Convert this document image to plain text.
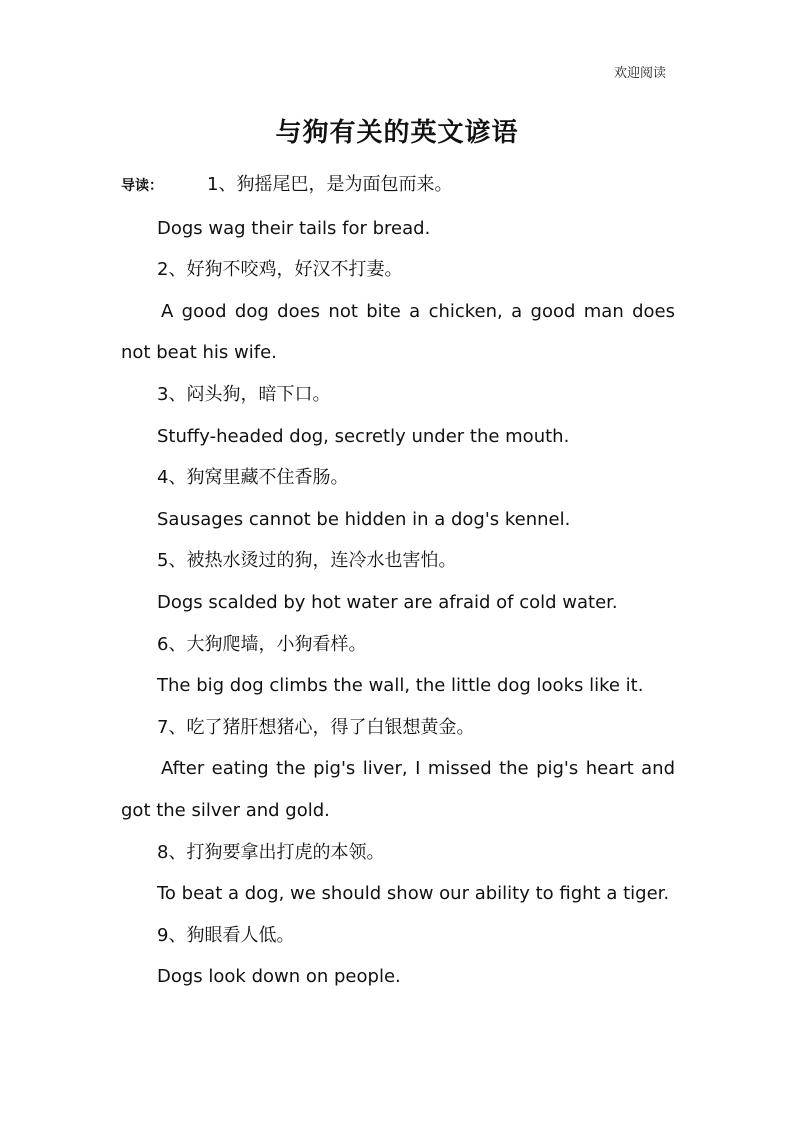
欢迎阅读
与狗有关的英文谚语

导读： 1、狗摇尾巴，是为面包而来。

Dogs wag their tails for bread.

2、好狗不咬鸡，好汉不打妻。

A good dog does not bite a chicken, a good man does not beat his wife.

3、闷头狗，暗下口。

Stuffy-headed dog, secretly under the mouth.

4、狗窝里藏不住香肠。

Sausages cannot be hidden in a dog's kennel.

5、被热水烫过的狗，连冷水也害怕。

Dogs scalded by hot water are afraid of cold water.

6、大狗爬墙，小狗看样。

The big dog climbs the wall, the little dog looks like it.

7、吃了猪肝想猪心，得了白银想黄金。

After eating the pig's liver, I missed the pig's heart and got the silver and gold.

8、打狗要拿出打虎的本领。

To beat a dog, we should show our ability to fight a tiger.

9、狗眼看人低。

Dogs look down on people.
